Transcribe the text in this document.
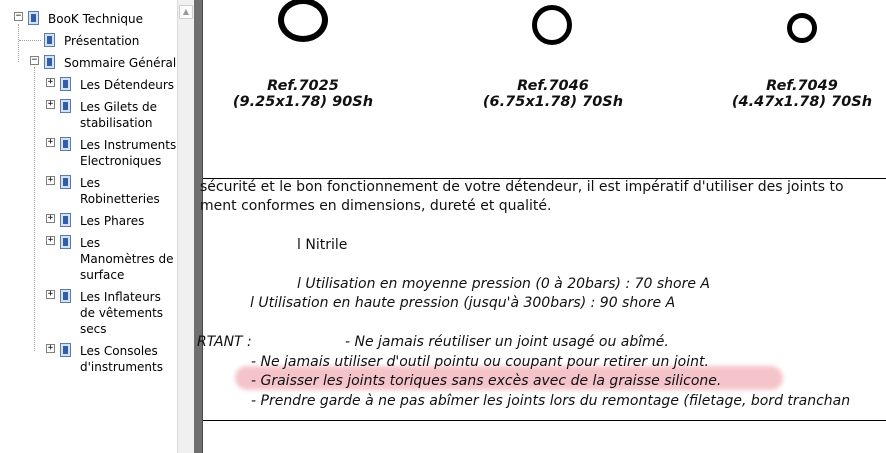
− BooK Technique
Présentation
− Sommaire Général
+ Les Détendeurs
+ Les Gilets de
stabilisation
+ Les Instruments
Electroniques
+ Les
Robinetteries
+ Les Phares
+ Les
Manomètres de
surface
+ Les Inflateurs
de vêtements
secs
+ Les Consoles
d'instruments
▲
Ref.7025
(9.25x1.78) 90Sh
Ref.7046
(6.75x1.78) 70Sh
Ref.7049
(4.47x1.78) 70Sh
sécurité et le bon fonctionnement de votre détendeur, il est impératif d'utiliser des joints to
ment conformes en dimensions, dureté et qualité.
l Nitrile
l Utilisation en moyenne pression (0 à 20bars) : 70 shore A
l Utilisation en haute pression (jusqu'à 300bars) : 90 shore A
RTANT :	- Ne jamais réutiliser un joint usagé ou abîmé.
- Ne jamais utiliser d'outil pointu ou coupant pour retirer un joint.
- Graisser les joints toriques sans excès avec de la graisse silicone.
- Prendre garde à ne pas abîmer les joints lors du remontage (filetage, bord tranchan
